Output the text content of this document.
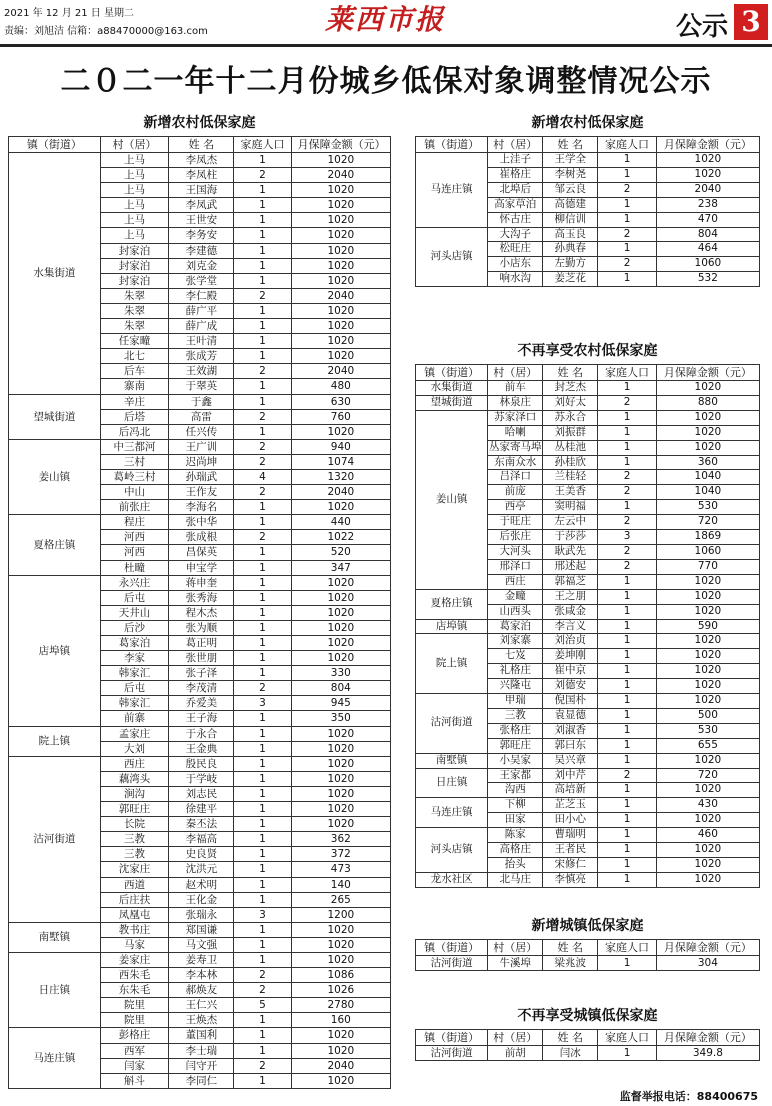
2021 年 12 月 21 日 星期二
责编：刘旭洁 信箱：a88470000@163.com	莱西市报	公示 3
二０二一年十二月份城乡低保对象调整情况公示
新增农村低保家庭
镇（街道）	村（居）	姓 名	家庭人口	月保障金额（元）
水集街道	上马	李凤杰	1	1020
	上马	李凤柱	2	2040
	上马	王国海	1	1020
	上马	李凤武	1	1020
	上马	王世安	1	1020
	上马	李务安	1	1020
	封家泊	李建德	1	1020
	封家泊	刘克金	1	1020
	封家泊	张学堂	1	1020
	朱翠	李仁殿	2	2040
	朱翠	薛广平	1	1020
	朱翠	薛广成	1	1020
	任家疃	王叶清	1	1020
	北七	张成芳	1	1020
	后车	王效湖	2	2040
	寨南	于翠英	1	480
望城街道	辛庄	于鑫	1	630
	后塔	高雷	2	760
	后冯北	任兴传	1	1020
姜山镇	中三都河	王广训	2	940
	三村	迟尚坤	2	1074
	葛岭三村	孙瑞武	4	1320
	中山	王作友	2	2040
	前张庄	李海名	1	1020
夏格庄镇	程庄	张中华	1	440
	河西	张成根	2	1022
	河西	昌保英	1	520
	杜疃	申宝学	1	347
店埠镇	永兴庄	蒋申奎	1	1020
	后屯	张秀海	1	1020
	天井山	程木杰	1	1020
	后沙	张为顺	1	1020
	葛家泊	葛正明	1	1020
	李家	张世朋	1	1020
	韩家汇	张子泽	1	330
	后屯	李茂清	2	804
	韩家汇	乔爱美	3	945
	前寨	王子海	1	350
院上镇	孟家庄	于永合	1	1020
	大刘	王金典	1	1020
沽河街道	西庄	殷民良	1	1020
	藕湾头	于学岐	1	1020
	涧沟	刘志民	1	1020
	郭旺庄	徐建平	1	1020
	长院	秦丕法	1	1020
	三教	李福高	1	362
	三教	史良贤	1	372
	沈家庄	沈洪元	1	473
	西道	赵术明	1	140
	后庄扶	王化金	1	265
	凤凰屯	张瑞永	3	1200
南墅镇	教书庄	郑国谦	1	1020
	马家	马文强	1	1020
日庄镇	姜家庄	姜寿卫	1	1020
	西朱毛	李本林	2	1086
	东朱毛	郝焕友	2	1026
	院里	王仁兴	5	2780
	院里	王焕杰	1	160
马连庄镇	彭格庄	董国利	1	1020
	西军	李士瑞	1	1020
	闫家	闫守开	2	2040
	斛斗	李同仁	1	1020
新增农村低保家庭
镇（街道）	村（居）	姓 名	家庭人口	月保障金额（元）
马连庄镇	上洼子	王学全	1	1020
	崔格庄	李树尧	1	1020
	北埠后	邹云良	2	2040
	高家草泊	高德建	1	238
	怀古庄	柳信训	1	470
河头店镇	大沟子	高玉良	2	804
	松旺庄	孙典春	1	464
	小店东	左勤方	2	1060
	响水沟	姜芝花	1	532
不再享受农村低保家庭
镇（街道）	村（居）	姓 名	家庭人口	月保障金额（元）
水集街道	前车	封芝杰	1	1020
望城街道	林泉庄	刘好太	2	880
姜山镇	苏家泽口	苏永合	1	1020
	哈喇	刘振群	1	1020
	丛家寄马埠	丛桂池	1	1020
	东南众水	孙桂欣	1	360
	吕泽口	兰桂轻	2	1040
	前庞	王美香	2	1040
	西亭	窦明福	1	530
	于旺庄	左云中	2	720
	后张庄	于莎莎	3	1869
	大河头	耿武先	2	1060
	邢泽口	邢述起	2	770
	西庄	郭福芝	1	1020
夏格庄镇	金疃	王之朋	1	1020
	山西头	张咸金	1	1020
店埠镇	葛家泊	李言义	1	590
院上镇	刘家寨	刘治贞	1	1020
	七岌	姜坤刚	1	1020
	礼格庄	崔中京	1	1020
	兴隆屯	刘德安	1	1020
沽河街道	甲瑞	倪国朴	1	1020
	三教	袁显德	1	500
	张格庄	刘淑香	1	530
	郭旺庄	郭曰东	1	655
南墅镇	小吴家	吴兴章	1	1020
日庄镇	王家都	刘中芹	2	720
	沟西	高培新	1	1020
马连庄镇	下柳	芷芝玉	1	430
	田家	田小心	1	1020
河头店镇	陈家	曹瑞明	1	460
	高格庄	王者民	1	1020
	抬头	宋修仁	1	1020
龙水社区	北马庄	李慎亮	1	1020
新增城镇低保家庭
镇（街道）	村（居）	姓 名	家庭人口	月保障金额（元）
沽河街道	牛溪埠	梁兆波	1	304
不再享受城镇低保家庭
镇（街道）	村（居）	姓 名	家庭人口	月保障金额（元）
沽河街道	前胡	闫冰	1	349.8
监督举报电话：88400675
